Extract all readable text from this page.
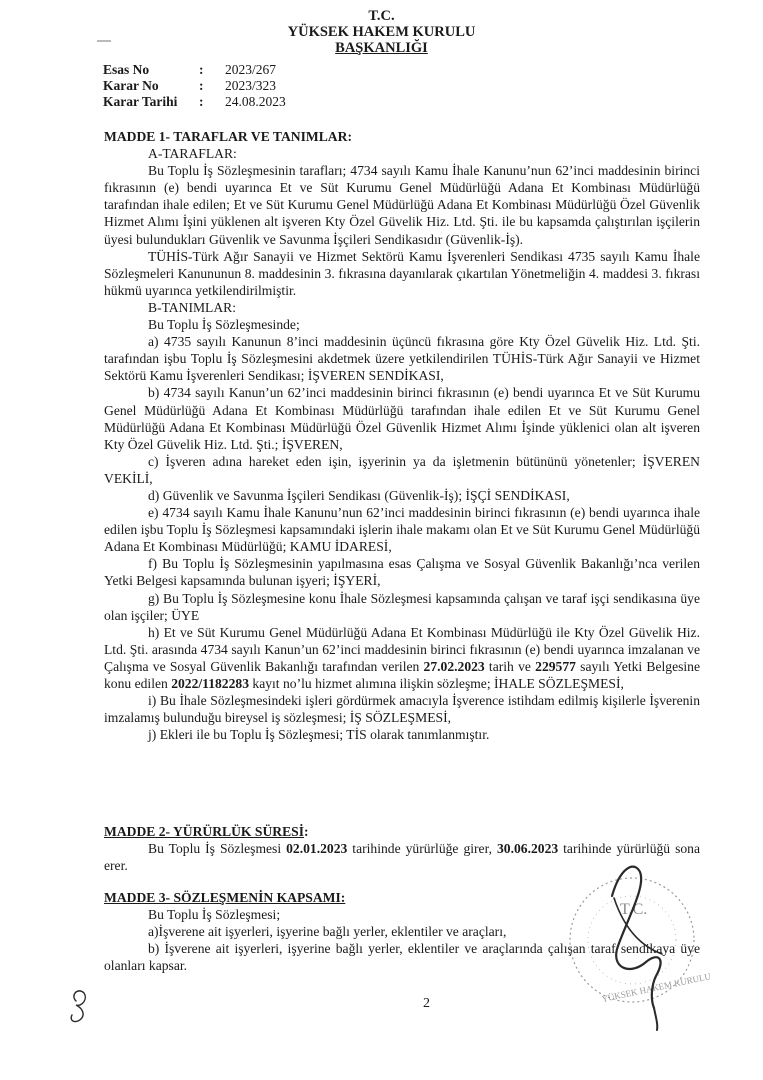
T.C.
YÜKSEK HAKEM KURULU
BAŞKANLIĞI
Esas No	:	2023/267
Karar No	:	2023/323
Karar Tarihi	:	24.08.2023

MADDE 1- TARAFLAR VE TANIMLAR:

A-TARAFLAR:

Bu Toplu İş Sözleşmesinin tarafları; 4734 sayılı Kamu İhale Kanunu’nun 62’inci maddesinin birinci fıkrasının (e) bendi uyarınca Et ve Süt Kurumu Genel Müdürlüğü Adana Et Kombinası Müdürlüğü tarafından ihale edilen; Et ve Süt Kurumu Genel Müdürlüğü Adana Et Kombinası Müdürlüğü Özel Güvenlik Hizmet Alımı İşini yüklenen alt işveren Kty Özel Güvelik Hiz. Ltd. Şti. ile bu kapsamda çalıştırılan işçilerin üyesi bulundukları Güvenlik ve Savunma İşçileri Sendikasıdır (Güvenlik-İş).

TÜHİS-Türk Ağır Sanayii ve Hizmet Sektörü Kamu İşverenleri Sendikası 4735 sayılı Kamu İhale Sözleşmeleri Kanununun 8. maddesinin 3. fıkrasına dayanılarak çıkartılan Yönetmeliğin 4. maddesi 3. fıkrası hükmü uyarınca yetkilendirilmiştir.

B-TANIMLAR:

Bu Toplu İş Sözleşmesinde;

a) 4735 sayılı Kanunun 8’inci maddesinin üçüncü fıkrasına göre Kty Özel Güvelik Hiz. Ltd. Şti. tarafından işbu Toplu İş Sözleşmesini akdetmek üzere yetkilendirilen TÜHİS-Türk Ağır Sanayii ve Hizmet Sektörü Kamu İşverenleri Sendikası; İŞVEREN SENDİKASI,

b) 4734 sayılı Kanun’un 62’inci maddesinin birinci fıkrasının (e) bendi uyarınca Et ve Süt Kurumu Genel Müdürlüğü Adana Et Kombinası Müdürlüğü tarafından ihale edilen Et ve Süt Kurumu Genel Müdürlüğü Adana Et Kombinası Müdürlüğü Özel Güvenlik Hizmet Alımı İşinde yüklenici olan alt işveren Kty Özel Güvelik Hiz. Ltd. Şti.; İŞVEREN,

c) İşveren adına hareket eden işin, işyerinin ya da işletmenin bütününü yönetenler; İŞVEREN VEKİLİ,

d) Güvenlik ve Savunma İşçileri Sendikası (Güvenlik-İş); İŞÇİ SENDİKASI,

e) 4734 sayılı Kamu İhale Kanunu’nun 62’inci maddesinin birinci fıkrasının (e) bendi uyarınca ihale edilen işbu Toplu İş Sözleşmesi kapsamındaki işlerin ihale makamı olan Et ve Süt Kurumu Genel Müdürlüğü Adana Et Kombinası Müdürlüğü; KAMU İDARESİ,

f) Bu Toplu İş Sözleşmesinin yapılmasına esas Çalışma ve Sosyal Güvenlik Bakanlığı’nca verilen Yetki Belgesi kapsamında bulunan işyeri; İŞYERİ,

g) Bu Toplu İş Sözleşmesine konu İhale Sözleşmesi kapsamında çalışan ve taraf işçi sendikasına üye olan işçiler; ÜYE

h) Et ve Süt Kurumu Genel Müdürlüğü Adana Et Kombinası Müdürlüğü ile Kty Özel Güvelik Hiz. Ltd. Şti. arasında 4734 sayılı Kanun’un 62’inci maddesinin birinci fıkrasının (e) bendi uyarınca imzalanan ve Çalışma ve Sosyal Güvenlik Bakanlığı tarafından verilen 27.02.2023 tarih ve 229577 sayılı Yetki Belgesine konu edilen 2022/1182283 kayıt no’lu hizmet alımına ilişkin sözleşme; İHALE SÖZLEŞMESİ,

i) Bu İhale Sözleşmesindeki işleri gördürmek amacıyla İşverence istihdam edilmiş kişilerle İşverenin imzalamış bulunduğu bireysel iş sözleşmesi; İŞ SÖZLEŞMESİ,

j) Ekleri ile bu Toplu İş Sözleşmesi; TİS olarak tanımlanmıştır.

MADDE 2- YÜRÜRLÜK SÜRESİ:

Bu Toplu İş Sözleşmesi 02.01.2023 tarihinde yürürlüğe girer, 30.06.2023 tarihinde yürürlüğü sona erer.

MADDE 3- SÖZLEŞMENİN KAPSAMI:

Bu Toplu İş Sözleşmesi;

a)İşverene ait işyerleri, işyerine bağlı yerler, eklentiler ve araçları,

b) İşverene ait işyerleri, işyerine bağlı yerler, eklentiler ve araçlarında çalışan taraf sendikaya üye olanları kapsar.

2
T.C.
YÜKSEK HAKEM KURULU
